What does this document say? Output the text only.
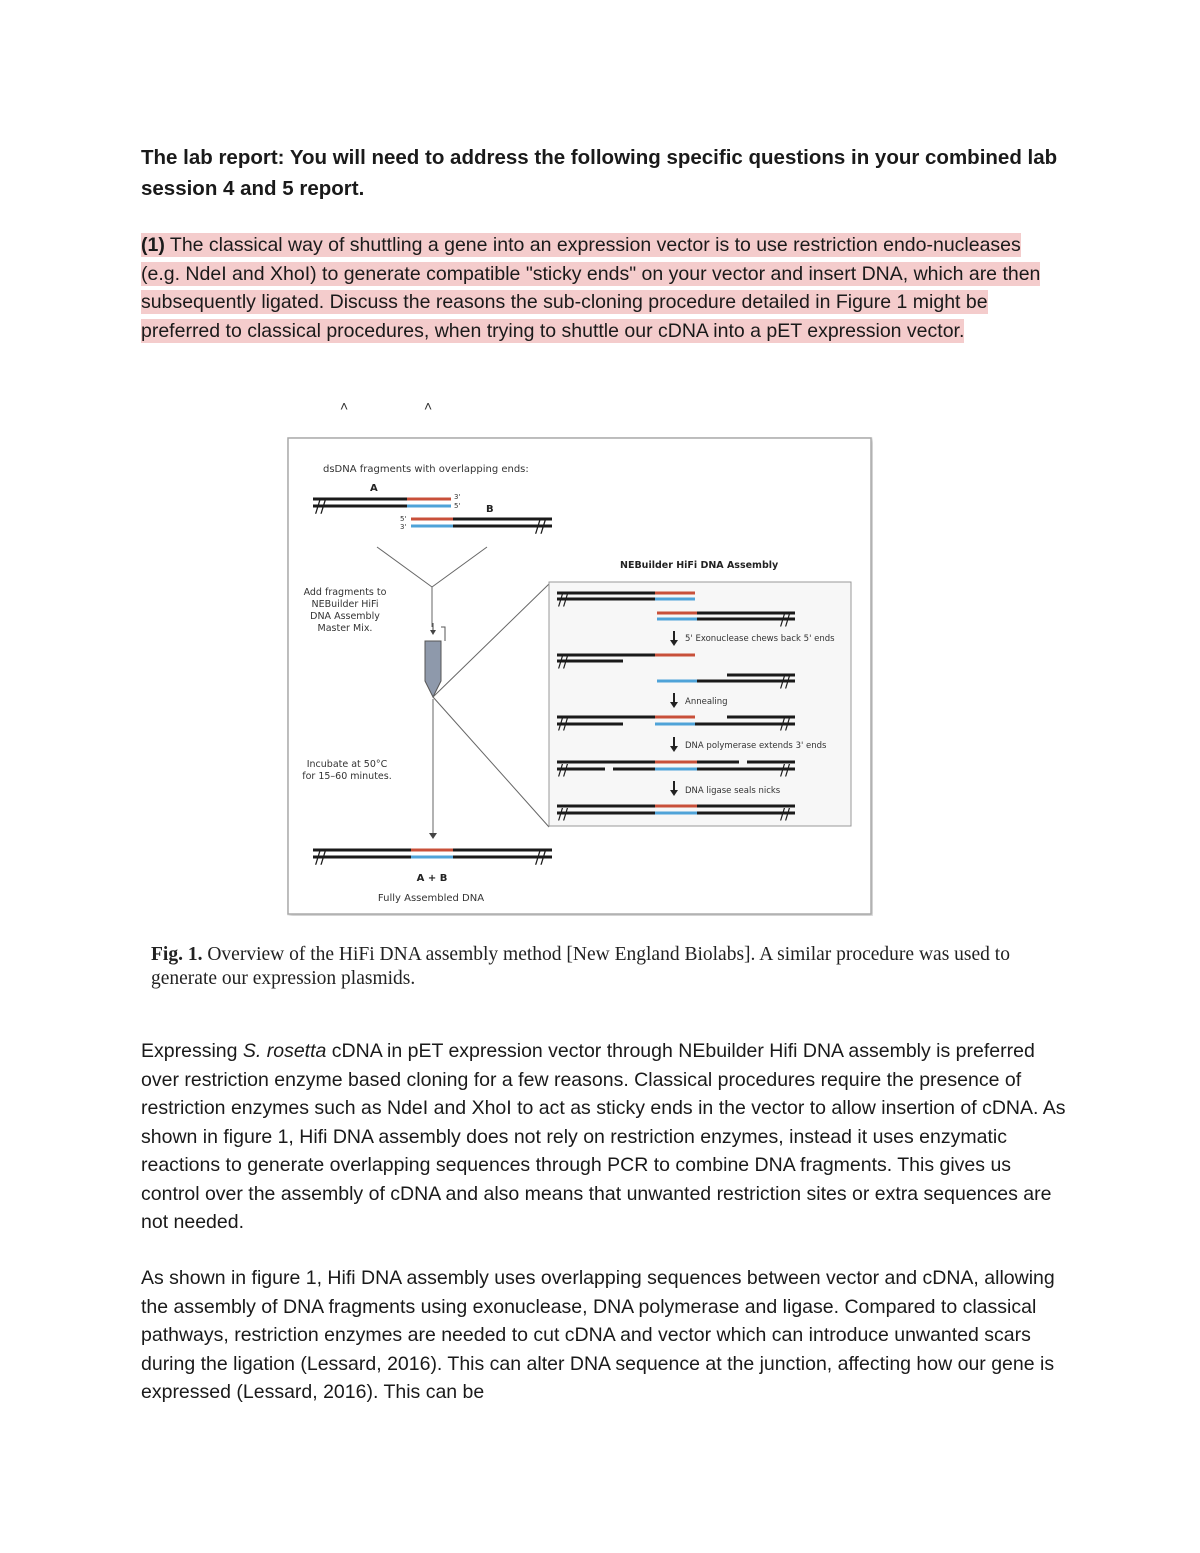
The lab report: You will need to address the following specific questions in your combined lab session 4 and 5 report.
(1) The classical way of shuttling a gene into an expression vector is to use restriction endo-nucleases (e.g. NdeI and XhoI) to generate compatible "sticky ends" on your vector and insert DNA, which are then subsequently ligated. Discuss the reasons the sub-cloning procedure detailed in Figure 1 might be preferred to classical procedures, when trying to shuttle our cDNA into a pET expression vector.
˄	˄
dsDNA fragments with overlapping ends:
A
B
//	3'
5'
//
5'
3'
Add fragments to
NEBuilder HiFi
DNA Assembly
Master Mix.
Incubate at 50°C
for 15–60 minutes.
NEBuilder HiFi DNA Assembly
//
//
5' Exonuclease chews back 5' ends
//
//
Annealing
//	//
DNA polymerase extends 3' ends
//	//
DNA ligase seals nicks
//	//
//	//
A + B
Fully Assembled DNA
Fig. 1. Overview of the HiFi DNA assembly method [New England Biolabs]. A similar procedure was used to generate our expression plasmids.
Expressing S. rosetta cDNA in pET expression vector through NEbuilder Hifi DNA assembly is preferred over restriction enzyme based cloning for a few reasons. Classical procedures require the presence of restriction enzymes such as NdeI and XhoI to act as sticky ends in the vector to allow insertion of cDNA. As shown in figure 1, Hifi DNA assembly does not rely on restriction enzymes, instead it uses enzymatic reactions to generate overlapping sequences through PCR to combine DNA fragments. This gives us control over the assembly of cDNA and also means that unwanted restriction sites or extra sequences are not needed.
As shown in figure 1, Hifi DNA assembly uses overlapping sequences between vector and cDNA, allowing the assembly of DNA fragments using exonuclease, DNA polymerase and ligase. Compared to classical pathways, restriction enzymes are needed to cut cDNA and vector which can introduce unwanted scars during the ligation (Lessard, 2016). This can alter DNA sequence at the junction, affecting how our gene is expressed (Lessard, 2016). This can be
